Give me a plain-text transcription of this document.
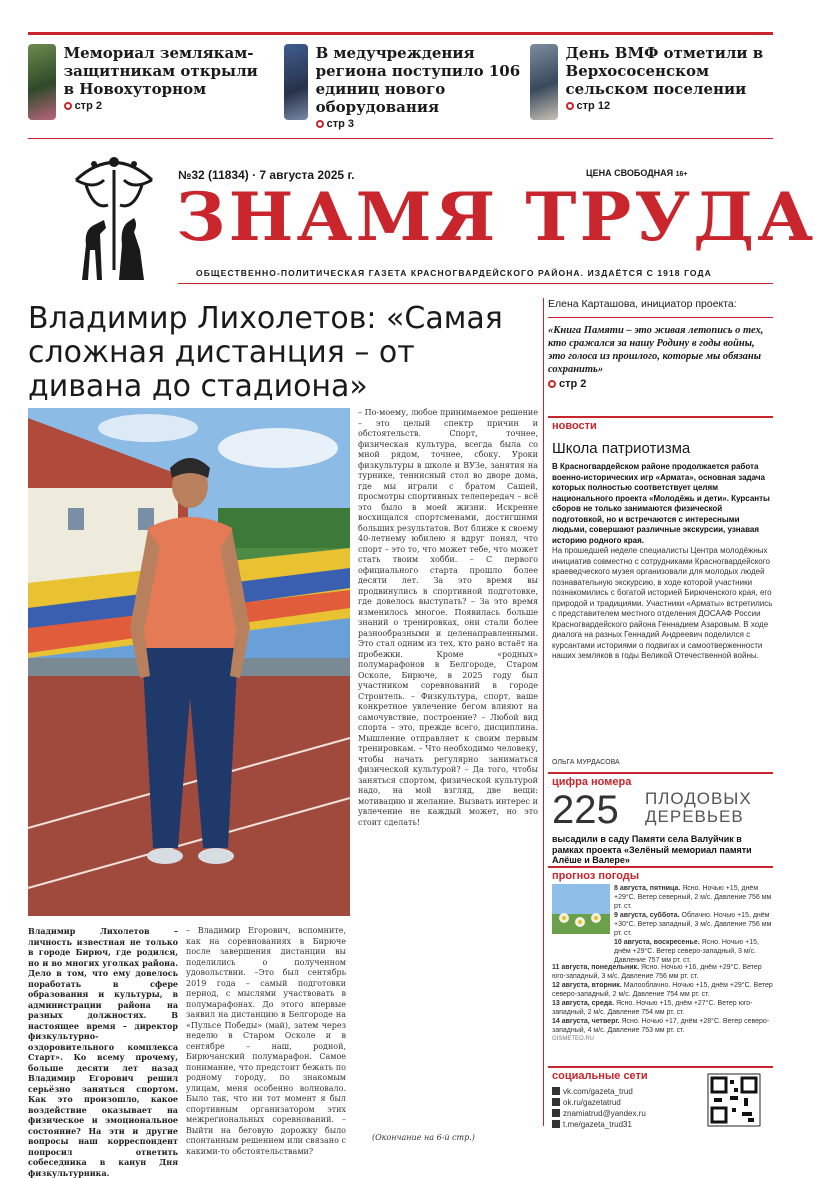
Мемориал землякам-защитникам открыли в Новохуторном
стр 2
В медучреждения региона поступило 106 единиц нового оборудования
стр 3
День ВМФ отметили в Верхососенском сельском поселении
стр 12
№32 (11834) · 7 августа 2025 г.	ЦЕНА СВОБОДНАЯ 16+
ЗНАМЯ ТРУДА
ОБЩЕСТВЕННО-ПОЛИТИЧЕСКАЯ ГАЗЕТА КРАСНОГВАРДЕЙСКОГО РАЙОНА. ИЗДАЁТСЯ С 1918 ГОДА
Владимир Лихолетов: «Самая сложная дистанция – от дивана до стадиона»
Владимир Лихолетов – личность известная не только в городе Бирюч, где родился, но и во многих уголках района. Дело в том, что ему довелось поработать в сфере образования и культуры, в администрации района на разных должностях. В настоящее время – директор физкультурно-оздоровительного комплекса Старт». Ко всему прочему, больше десяти лет назад Владимир Егорович решил серьёзно заняться спортом. Как это произошло, какое воздействие оказывает на физическое и эмоциональное состояние? На эти и другие вопросы наш корреспондент попросил ответить собеседника в канун Дня физкультурника.
– Владимир Егорович, вспомните, как на соревнованиях в Бирюче после завершения дистанции вы поделились о полученном удовольствии. –Это был сентябрь 2019 года – самый подготовки период, с мыслями участвовать в полумарафонах. До этого впервые заявил на дистанцию в Белгороде на «Пульсе Победы» (май), затем через неделю в Старом Осколе и в сентябре – наш, родной, Бирючанский полумарафон. Самое понимание, что предстоит бежать по родному городу, по знакомым улицам, меня особенно волновало. Было так, что ни тот момент я был спортивным организатором этих межрегиональных соревнований. – Выйти на беговую дорожку было спонтанным решением или связано с какими-то обстоятельствами?
– По-моему, любое принимаемое решение – это целый спектр причин и обстоятельств. Спорт, точнее, физическая культура, всегда была со мной рядом, точнее, сбоку. Уроки физкультуры в школе и ВУЗе, занятия на турнике, теннисный стол во дворе дома, где мы играли с братом Сашей, просмотры спортивных телепередач – всё это было в моей жизни. Искренне восхищался спортсменами, достигшими больших результатов. Вот ближе к своему 40-летнему юбилею я вдруг понял, что спорт – это то, что может тебе, что может стать твоим хобби. – С первого официального старта прошло более десяти лет. За это время вы продвинулись в спортивной подготовке, где довелось выступать? – За это время изменилось многое. Появилась больше знаний о тренировках, они стали более разнообразными и целенаправленными. Это стал одним из тех, кто рано встаёт на пробежки. Кроме «родных» полумарафонов в Белгороде, Старом Осколе, Бирюче, в 2025 году был участником соревнований в городе Строитель. – Физкультура, спорт, ваше конкретное увлечение бегом влияют на самочувствие, построение? – Любой вид спорта – это, прежде всего, дисциплина. Мышление отправляет к своим первым тренировкам. – Что необходимо человеку, чтобы начать регулярно заниматься физической культурой? – Да того, чтобы заняться спортом, физической культурой надо, на мой взгляд, две вещи: мотивацию и желание. Вызвать интерес и увлечение не каждый может, но это стоит сделать!
(Окончание на 6-й стр.)
Елена Карташова, инициатор проекта:
«Книга Памяти – это живая летопись о тех, кто сражался за нашу Родину в годы войны, это голоса из прошлого, которые мы обязаны сохранить»
стр 2
новости
Школа патриотизма
В Красногвардейском районе продолжается работа военно-исторических игр «Армата», основная задача которых полностью соответствует целям национального проекта «Молодёжь и дети». Курсанты сборов не только занимаются физической подготовкой, но и встречаются с интересными людьми, совершают различные экскурсии, узнавая историю родного края.
На прошедшей неделе специалисты Центра молодёжных инициатив совместно с сотрудниками Красногвардейского краеведческого музея организовали для молодых людей познавательную экскурсию, в ходе которой участники познакомились с богатой историей Бирюченского края, его природой и традициями. Участники «Арматы» встретились с представителем местного отделения ДОСААФ России Красногвардейского района Геннадием Азаровым. В ходе диалога на разных Геннадий Андреевич поделился с курсантами историями о подвигах и самоотверженности наших земляков в годы Великой Отечественной войны.
ОЛЬГА МУРДАСОВА
цифра номера
225 ПЛОДОВЫХ ДЕРЕВЬЕВ
высадили в саду Памяти села Валуйчик в рамках проекта «Зелёный мемориал памяти Алёше и Валере»
прогноз погоды
8 августа, пятница. Ясно. Ночью +15, днём +29°С. Ветер северный, 2 м/с. Давление 756 мм рт. ст.
9 августа, суббота. Облачно. Ночью +15, днём +30°С. Ветер западный, 3 м/с. Давление 756 мм рт. ст.
10 августа, воскресенье. Ясно. Ночью +15, днём +29°С. Ветер северо-западный, 3 м/с. Давление 757 мм рт. ст.
11 августа, понедельник. Ясно. Ночью +16, днём +29°С. Ветер юго-западный, 3 м/с. Давление 756 мм рт. ст.
12 августа, вторник. Малооблачно. Ночью +15, днём +29°С. Ветер северо-западный, 2 м/с. Давление 754 мм рт. ст.
13 августа, среда. Ясно. Ночью +15, днём +27°С. Ветер юго-западный, 2 м/с. Давление 754 мм рт. ст.
14 августа, четверг. Ясно. Ночью +17, днём +28°С. Ветер северо-западный, 4 м/с. Давление 753 мм рт. ст.
GISMETEO.RU
социальные сети
vk.com/gazeta_trud
ok.ru/gazetatrud
znamiatrud@yandex.ru
t.me/gazeta_trud31
